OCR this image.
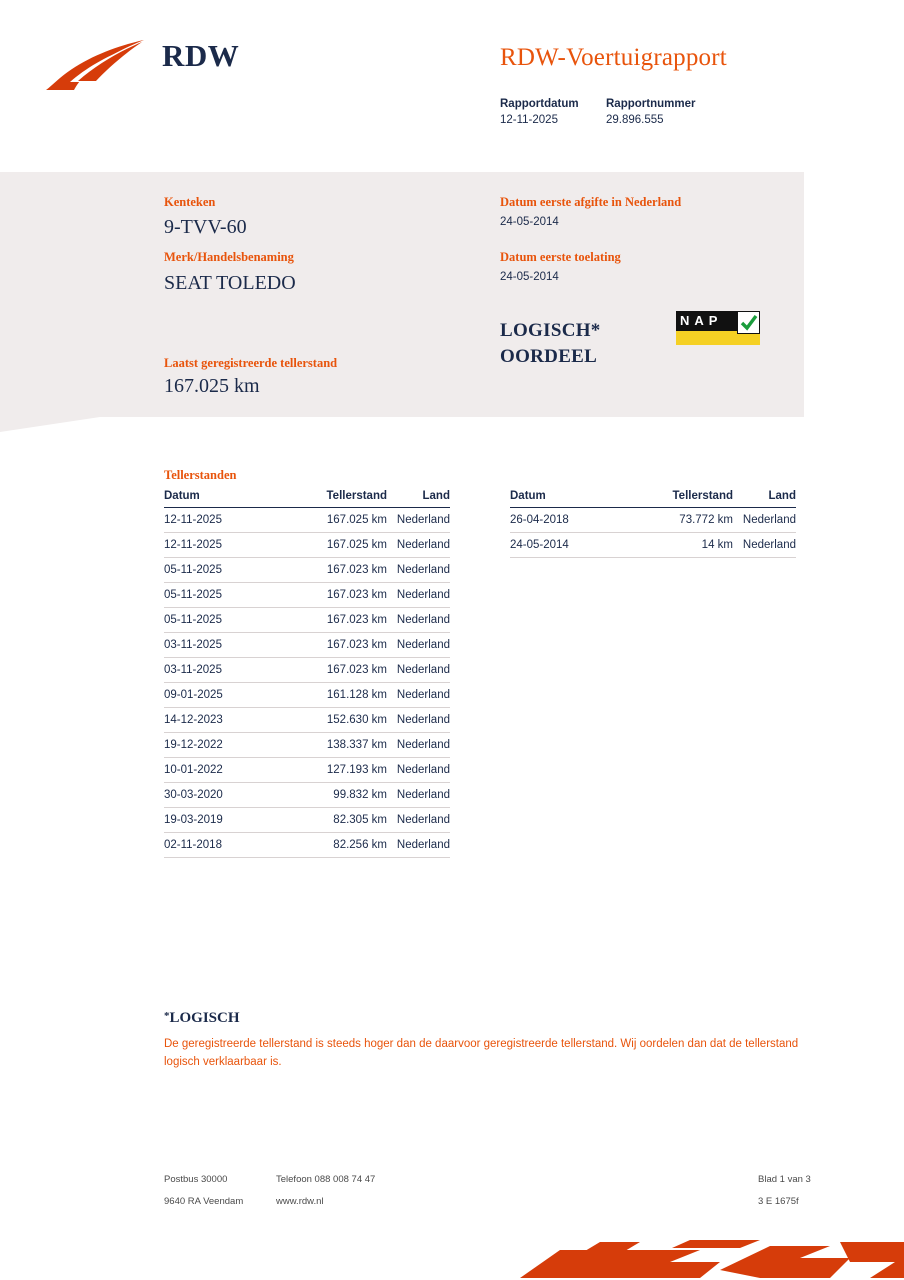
RDW	RDW-Voertuigrapport
Rapportdatum	Rapportnummer
12-11-2025	29.896.555
Kenteken
9-TVV-60
Merk/Handelsbenaming
SEAT TOLEDO
Laatst geregistreerde tellerstand
167.025 km
Datum eerste afgifte in Nederland
24-05-2014
Datum eerste toelating
24-05-2014
LOGISCH*
OORDEEL
NAP
Tellerstanden
Datum	Tellerstand	Land
12-11-2025	167.025 km	Nederland
12-11-2025	167.025 km	Nederland
05-11-2025	167.023 km	Nederland
05-11-2025	167.023 km	Nederland
05-11-2025	167.023 km	Nederland
03-11-2025	167.023 km	Nederland
03-11-2025	167.023 km	Nederland
09-01-2025	161.128 km	Nederland
14-12-2023	152.630 km	Nederland
19-12-2022	138.337 km	Nederland
10-01-2022	127.193 km	Nederland
30-03-2020	99.832 km	Nederland
19-03-2019	82.305 km	Nederland
02-11-2018	82.256 km	Nederland
Datum	Tellerstand	Land
26-04-2018	73.772 km	Nederland
24-05-2014	14 km	Nederland
*LOGISCH
De geregistreerde tellerstand is steeds hoger dan de daarvoor geregistreerde tellerstand. Wij oordelen dan dat de tellerstand logisch verklaarbaar is.
Postbus 30000
9640 RA Veendam
Telefoon 088 008 74 47
www.rdw.nl
Blad 1 van 3
3 E 1675f
